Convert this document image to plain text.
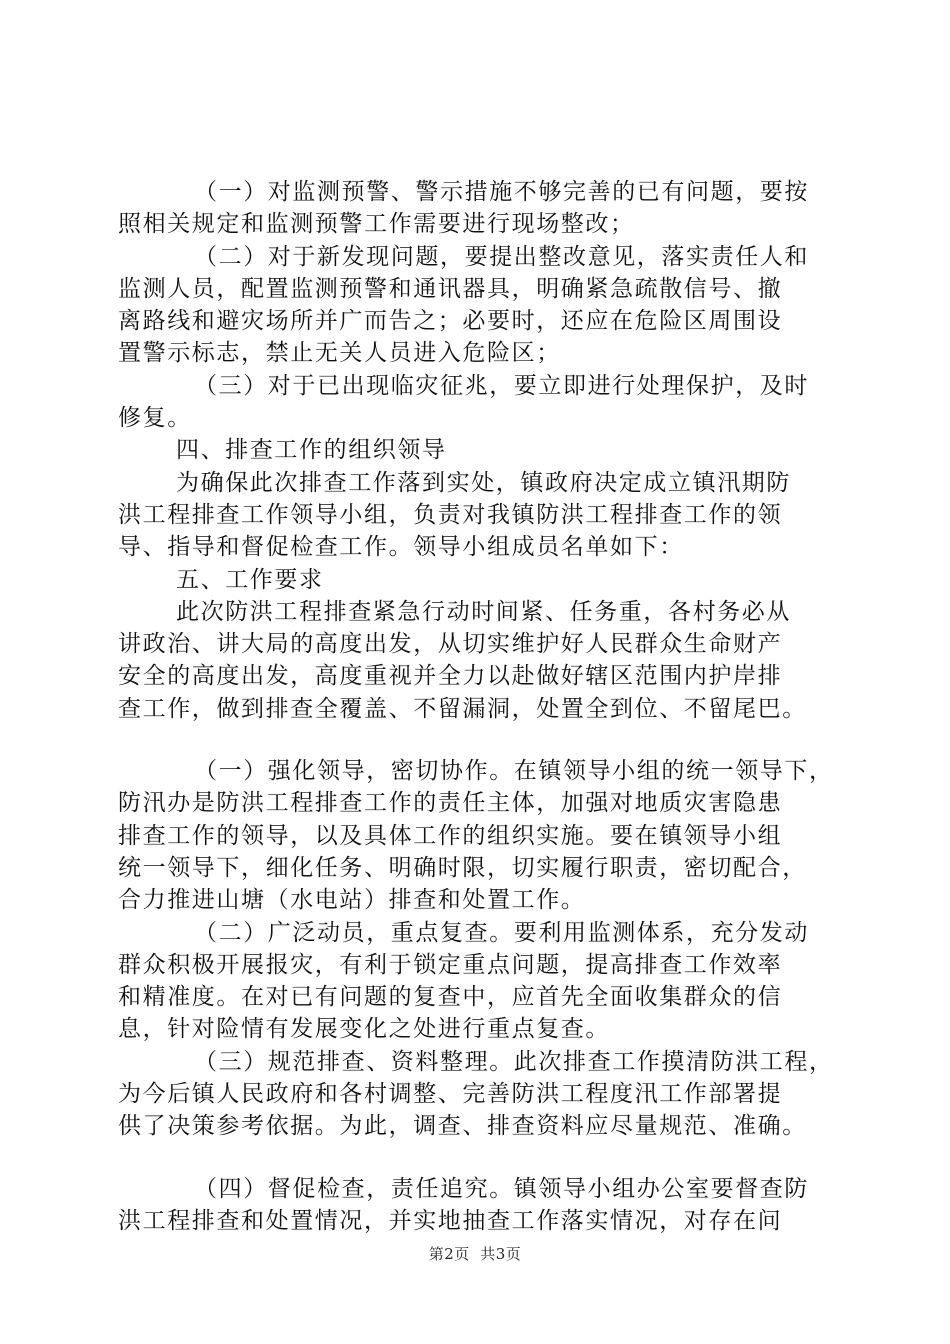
（一）对监测预警、警示措施不够完善的已有问题，要按
照相关规定和监测预警工作需要进行现场整改；
（二）对于新发现问题，要提出整改意见，落实责任人和
监测人员，配置监测预警和通讯器具，明确紧急疏散信号、撤
离路线和避灾场所并广而告之；必要时，还应在危险区周围设
置警示标志，禁止无关人员进入危险区；
（三）对于已出现临灾征兆，要立即进行处理保护，及时
修复。
四、排查工作的组织领导
为确保此次排查工作落到实处，镇政府决定成立镇汛期防
洪工程排查工作领导小组，负责对我镇防洪工程排查工作的领
导、指导和督促检查工作。领导小组成员名单如下：
五、工作要求
此次防洪工程排查紧急行动时间紧、任务重，各村务必从
讲政治、讲大局的高度出发，从切实维护好人民群众生命财产
安全的高度出发，高度重视并全力以赴做好辖区范围内护岸排
查工作，做到排查全覆盖、不留漏洞，处置全到位、不留尾巴。
（一）强化领导，密切协作。在镇领导小组的统一领导下，
防汛办是防洪工程排查工作的责任主体，加强对地质灾害隐患
排查工作的领导，以及具体工作的组织实施。要在镇领导小组
统一领导下，细化任务、明确时限，切实履行职责，密切配合，
合力推进山塘（水电站）排查和处置工作。
（二）广泛动员，重点复查。要利用监测体系，充分发动
群众积极开展报灾，有利于锁定重点问题，提高排查工作效率
和精准度。在对已有问题的复查中，应首先全面收集群众的信
息，针对险情有发展变化之处进行重点复查。
（三）规范排查、资料整理。此次排查工作摸清防洪工程，
为今后镇人民政府和各村调整、完善防洪工程度汛工作部署提
供了决策参考依据。为此，调查、排查资料应尽量规范、准确。
（四）督促检查，责任追究。镇领导小组办公室要督查防
洪工程排查和处置情况，并实地抽查工作落实情况，对存在问
第2页  共3页
